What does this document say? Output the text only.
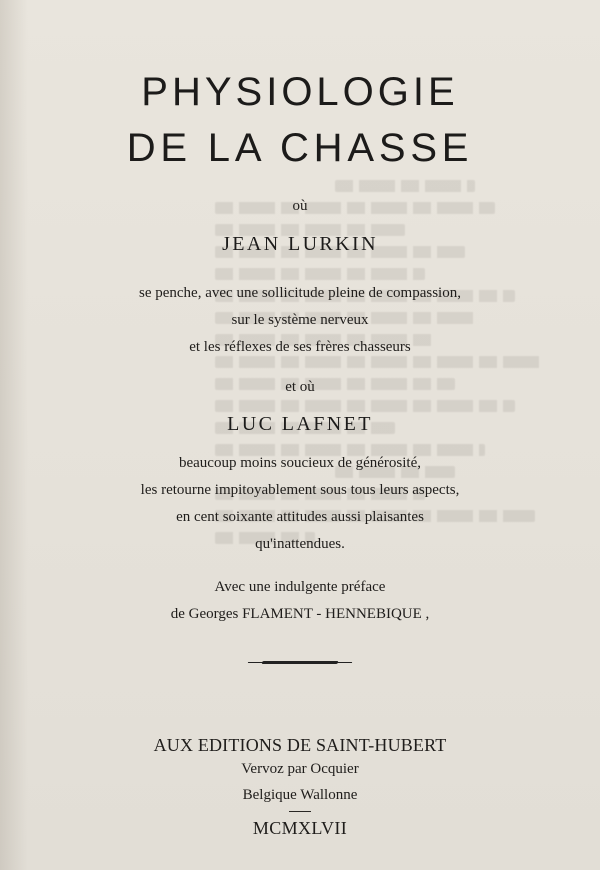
PHYSIOLOGIE
DE LA CHASSE
où
JEAN LURKIN
se penche, avec une sollicitude pleine de compassion,
sur le système nerveux
et les réflexes de ses frères chasseurs
et où
LUC LAFNET
beaucoup moins soucieux de générosité,
les retourne impitoyablement sous tous leurs aspects,
en cent soixante attitudes aussi plaisantes
qu'inattendues.
Avec une indulgente préface
de Georges FLAMENT - HENNEBIQUE ,
AUX EDITIONS DE SAINT-HUBERT
Vervoz par Ocquier
Belgique Wallonne
MCMXLVII
